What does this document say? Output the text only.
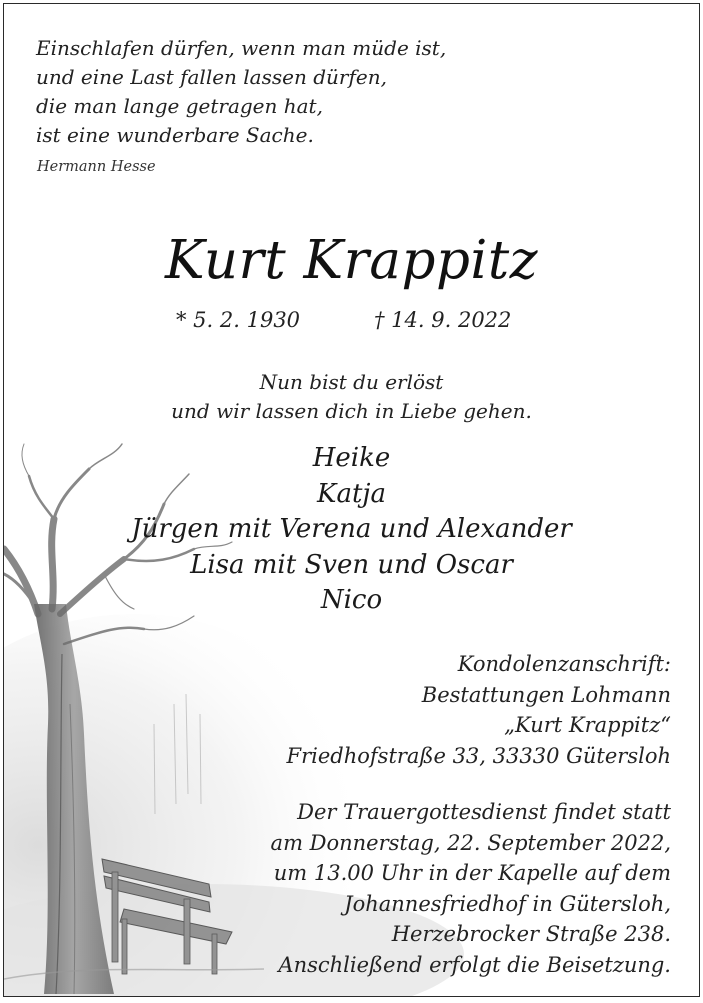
Einschlafen dürfen, wenn man müde ist,
und eine Last fallen lassen dürfen,
die man lange getragen hat,
ist eine wunderbare Sache.
Hermann Hesse
Kurt Krappitz
* 5. 2. 1930	† 14. 9. 2022
Nun bist du erlöst
und wir lassen dich in Liebe gehen.
Heike
Katja
Jürgen mit Verena und Alexander
Lisa mit Sven und Oscar
Nico
Kondolenzanschrift:
Bestattungen Lohmann
„Kurt Krappitz“
Friedhofstraße 33, 33330 Gütersloh
Der Trauergottesdienst findet statt
am Donnerstag, 22. September 2022,
um 13.00 Uhr in der Kapelle auf dem
Johannesfriedhof in Gütersloh,
Herzebrocker Straße 238.
Anschließend erfolgt die Beisetzung.
